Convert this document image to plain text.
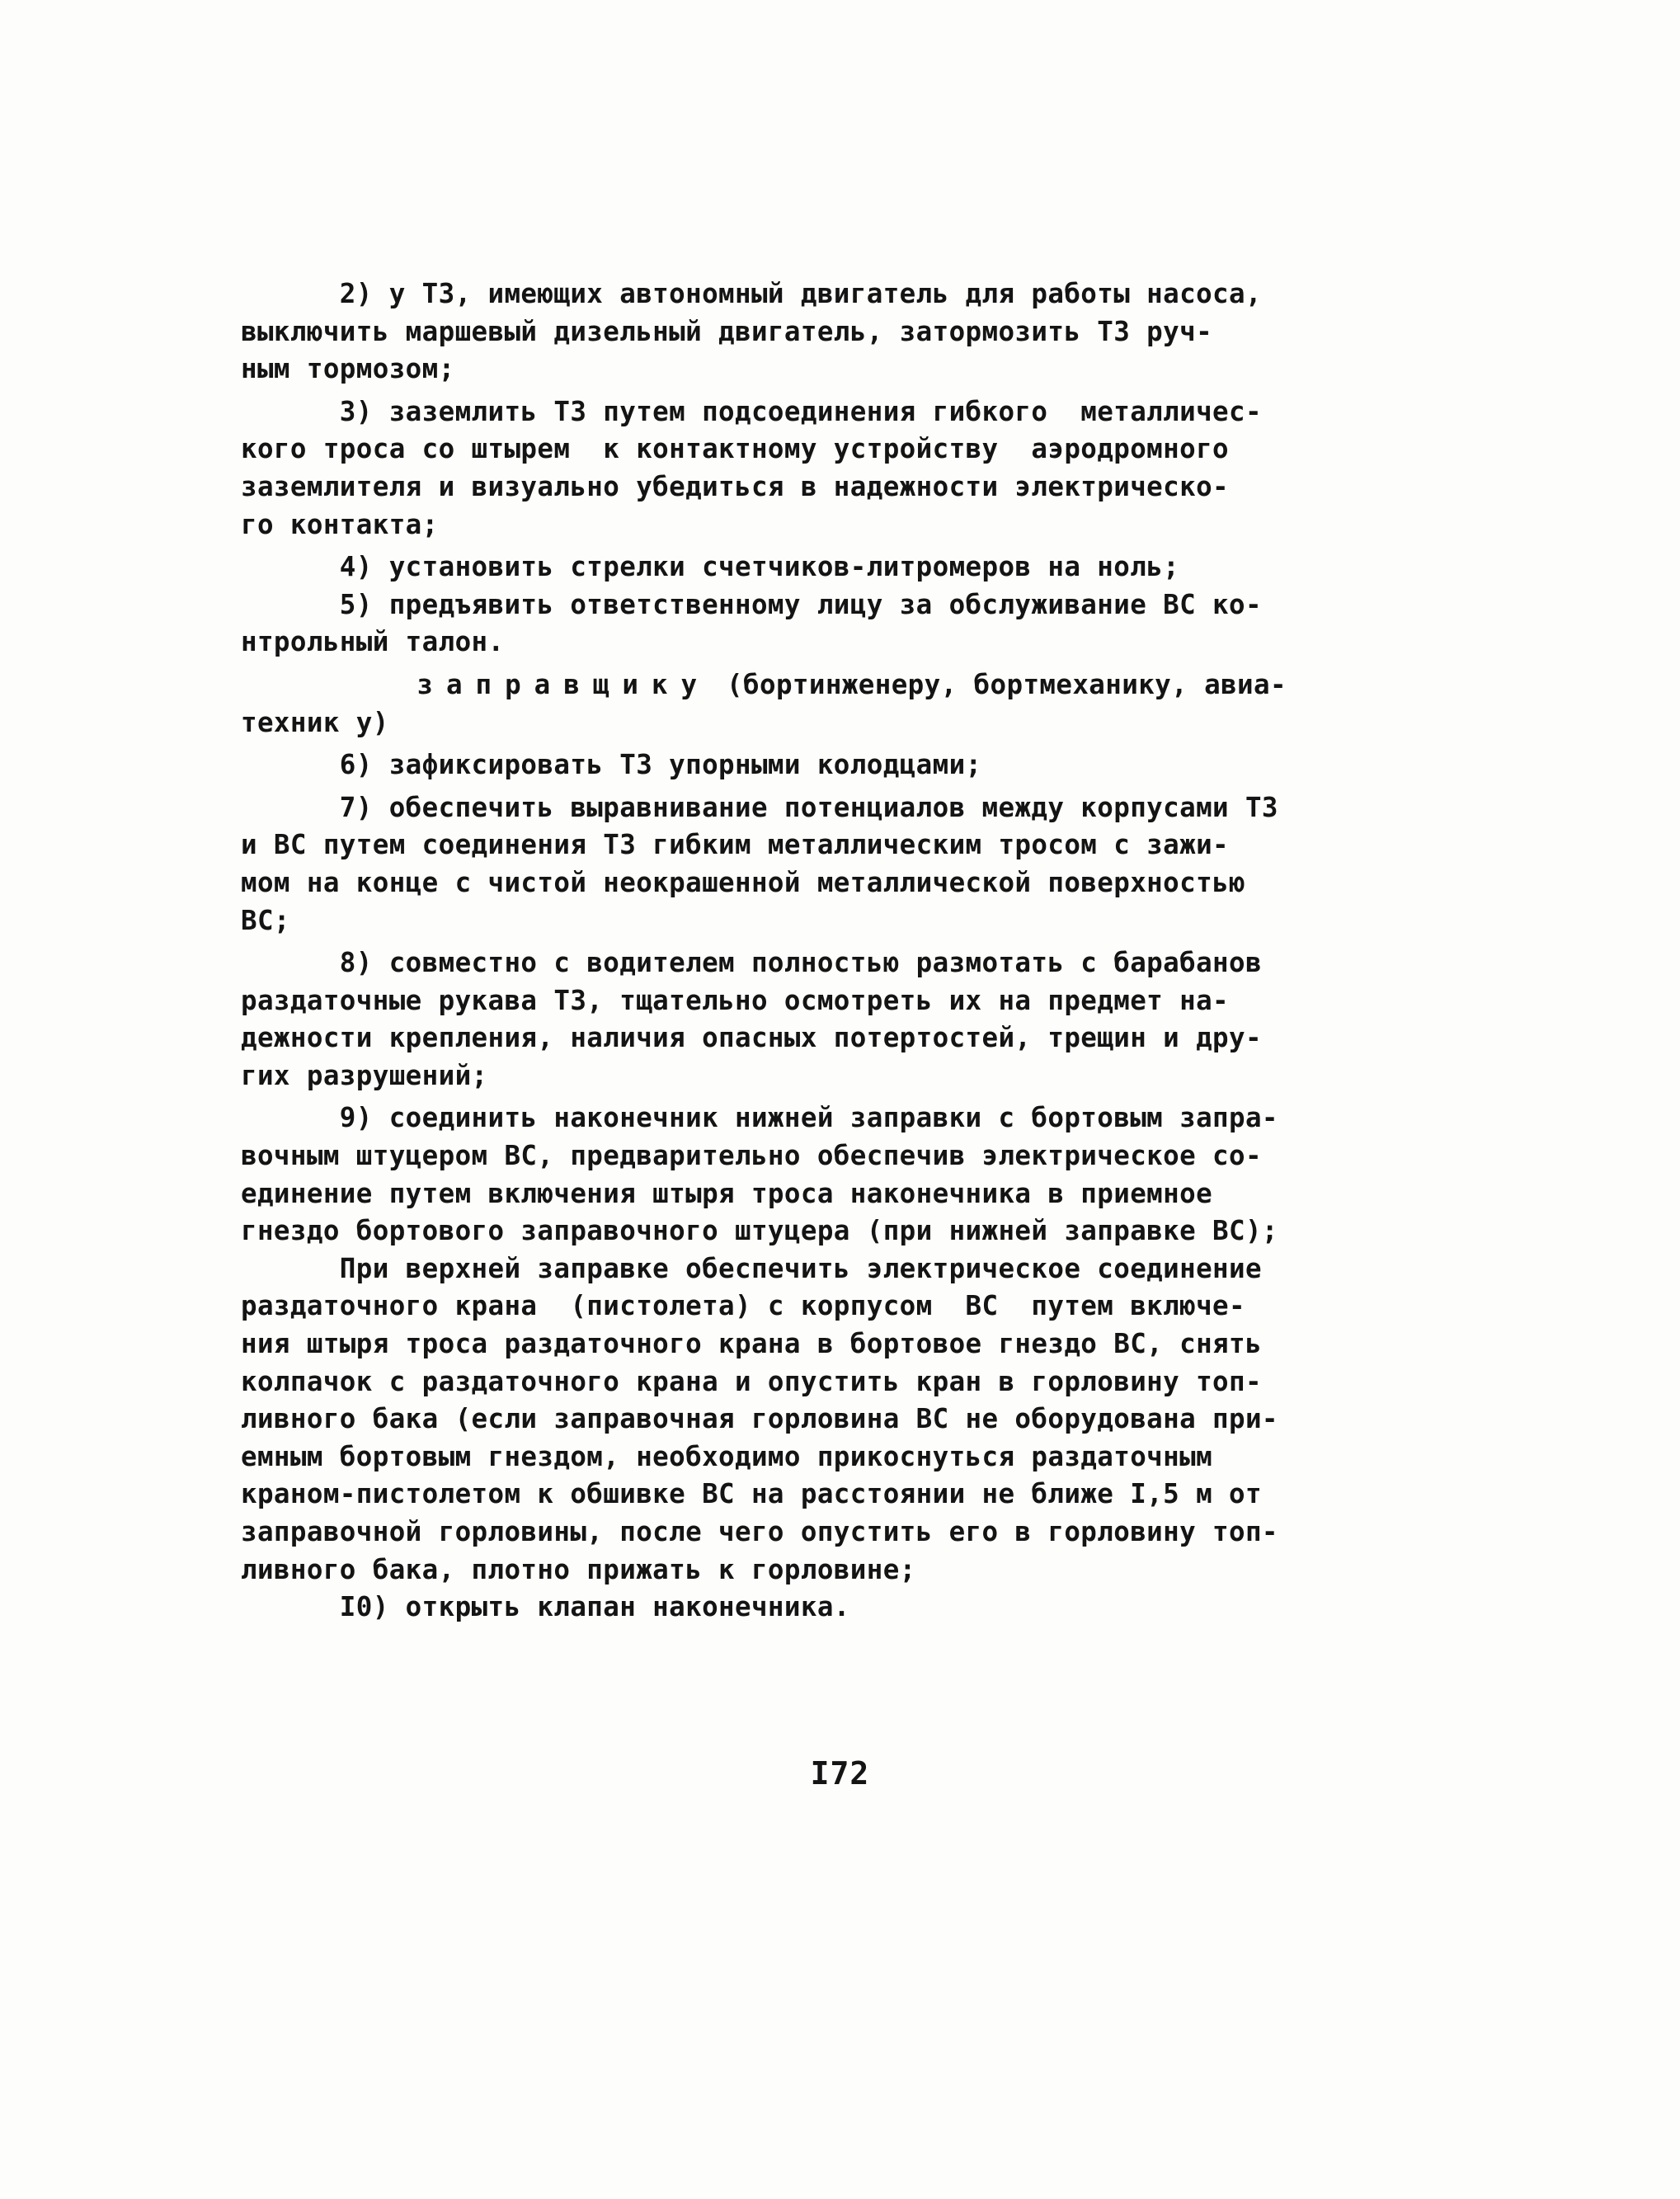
2) у ТЗ, имеющих автономный двигатель для работы насоса,
выключить маршевый дизельный двигатель, затормозить ТЗ руч-
ным тормозом;
3) заземлить ТЗ путем подсоединения гибкого  металличес-
кого троса со штырем  к контактному устройству  аэродромного
заземлителя и визуально убедиться в надежности электрическо-
го контакта;
4) установить стрелки счетчиков-литромеров на ноль;
5) предъявить ответственному лицу за обслуживание ВС ко-
нтрольный талон.
заправщику (бортинженеру, бортмеханику, авиа-
техник у)
6) зафиксировать ТЗ упорными колодцами;
7) обеспечить выравнивание потенциалов между корпусами ТЗ
и ВС путем соединения ТЗ гибким металлическим тросом с зажи-
мом на конце с чистой неокрашенной металлической поверхностью
ВС;
8) совместно с водителем полностью размотать с барабанов
раздаточные рукава ТЗ, тщательно осмотреть их на предмет на-
дежности крепления, наличия опасных потертостей, трещин и дру-
гих разрушений;
9) соединить наконечник нижней заправки с бортовым запра-
вочным штуцером ВС, предварительно обеспечив электрическое со-
единение путем включения штыря троса наконечника в приемное
гнездо бортового заправочного штуцера (при нижней заправке ВС);
При верхней заправке обеспечить электрическое соединение
раздаточного крана  (пистолета) с корпусом  ВС  путем включе-
ния штыря троса раздаточного крана в бортовое гнездо ВС, снять
колпачок с раздаточного крана и опустить кран в горловину топ-
ливного бака (если заправочная горловина ВС не оборудована при-
емным бортовым гнездом, необходимо прикоснуться раздаточным
краном-пистолетом к обшивке ВС на расстоянии не ближе I,5 м от
заправочной горловины, после чего опустить его в горловину топ-
ливного бака, плотно прижать к горловине;
I0) открыть клапан наконечника.
I72
